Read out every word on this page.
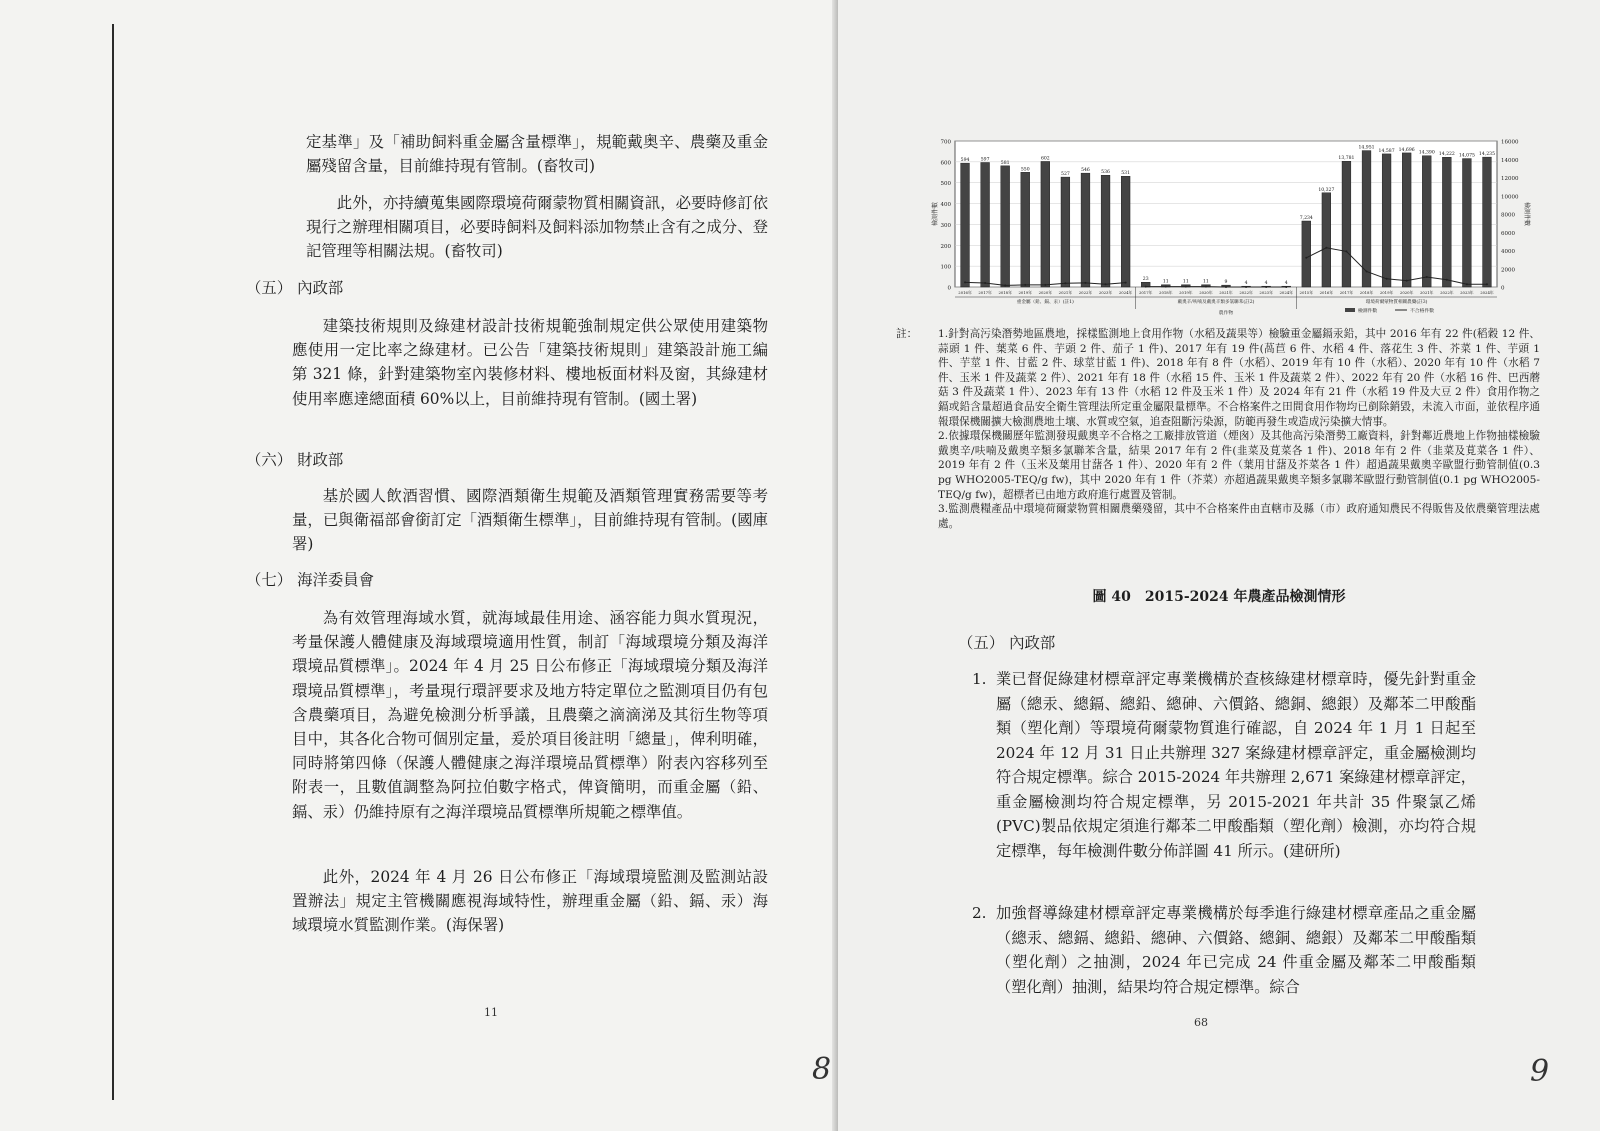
定基準」及「補助飼料重金屬含量標準」，規範戴奥辛、農藥及重金屬殘留含量，目前維持現有管制。(畜牧司)

此外，亦持續蒐集國際環境荷爾蒙物質相關資訊，必要時修訂依現行之辦理相關項目，必要時飼料及飼料添加物禁止含有之成分、登記管理等相關法規。(畜牧司)

（五） 內政部

建築技術規則及綠建材設計技術規範強制規定供公眾使用建築物應使用一定比率之綠建材。已公告「建築技術規則」建築設計施工編第 321 條，針對建築物室內裝修材料、樓地板面材料及窗，其綠建材使用率應達總面積 60%以上，目前維持現有管制。(國土署)

（六） 財政部

基於國人飲酒習慣、國際酒類衛生規範及酒類管理實務需要等考量，已與衛福部會銜訂定「酒類衛生標準」，目前維持現有管制。(國庫署)

（七） 海洋委員會

為有效管理海域水質，就海域最佳用途、涵容能力與水質現況，考量保護人體健康及海域環境適用性質，制訂「海域環境分類及海洋環境品質標準」。2024 年 4 月 25 日公布修正「海域環境分類及海洋環境品質標準」，考量現行環評要求及地方特定單位之監測項目仍有包含農藥項目，為避免檢測分析爭議，且農藥之滴滴涕及其衍生物等項目中，其各化合物可個別定量，爰於項目後註明「總量」，俾利明確，同時將第四條（保護人體健康之海洋環境品質標準）附表內容移列至附表一，且數值調整為阿拉伯數字格式，俾資簡明，而重金屬（鉛、鎘、汞）仍維持原有之海洋環境品質標準所規範之標準值。

此外，2024 年 4 月 26 日公布修正「海域環境監測及監測站設置辦法」規定主管機關應視海域特性，辦理重金屬（鉛、鎘、汞）海域環境水質監測作業。(海保署)

11
8
700
600
500
400
300
200
100
0
16000
14000
12000
10000
8000
6000
4000
2000
0
檢測件數	檢測件數
594
2016年
597
2017年
581
2018年
550
2019年
602
2020年
527
2021年
546
2022年
536
2023年
531
2024年
重金屬（鉛、鎘、汞）(註1)
23
2017年
11
2018年
11
2019年
11
2020年
9
2021年
4
2022年
4
2023年
4
2024年
戴奧辛/呋喃及戴奧辛類多氯聯苯(註2)
7,234
2015年
10,327
2016年
13,781
2017年
14,951
2018年
14,587
2019年
14,696
2020年
14,390
2021年
14,222
2022年
14,075
2023年
14,235
2024年
環境荷爾蒙物質相關農藥(註3)
農作物	檢測件數	不合格件數
註：	1.針對高污染潛勢地區農地，採樣監測地上食用作物（水稻及蔬果等）檢驗重金屬鎘汞鉛，其中 2016 年有 22 件(稻穀 12 件、蒜頭 1 件、葉菜 6 件、芋頭 2 件、茄子 1 件)、2017 年有 19 件(萵苣 6 件、水稻 4 件、落花生 3 件、芥菜 1 件、芋頭 1 件、芋莖 1 件、甘藍 2 件、球莖甘藍 1 件)、2018 年有 8 件（水稻）、2019 年有 10 件（水稻）、2020 年有 10 件（水稻 7 件、玉米 1 件及蔬菜 2 件）、2021 年有 18 件（水稻 15 件、玉米 1 件及蔬菜 2 件）、2022 年有 20 件（水稻 16 件、巴西蘑菇 3 件及蔬菜 1 件）、2023 年有 13 件（水稻 12 件及玉米 1 件）及 2024 年有 21 件（水稻 19 件及大豆 2 件）食用作物之鎘或鉛含量超過食品安全衛生管理法所定重金屬限量標準。不合格案件之田間食用作物均已剷除銷毀，未流入市面，並依程序通報環保機關擴大檢測農地土壤、水質或空氣，追查阻斷污染源，防範再發生或造成污染擴大情事。

2.依據環保機關歷年監測發現戴奧辛不合格之工廠排放管道（煙囪）及其他高污染潛勢工廠資料，針對鄰近農地上作物抽樣檢驗戴奧辛/呋喃及戴奧辛類多氯聯苯含量，結果 2017 年有 2 件(韭菜及莧菜各 1 件)、2018 年有 2 件（韭菜及莧菜各 1 件）、2019 年有 2 件（玉米及葉用甘藷各 1 件）、2020 年有 2 件（葉用甘藷及芥菜各 1 件）超過蔬果戴奧辛歐盟行動管制值(0.3 pg WHO2005-TEQ/g fw)，其中 2020 年有 1 件（芥菜）亦超過蔬果戴奧辛類多氯聯苯歐盟行動管制值(0.1 pg WHO2005-TEQ/g fw)，超標者已由地方政府進行處置及管制。

3.監測農糧產品中環境荷爾蒙物質相關農藥殘留，其中不合格案件由直轄市及縣（市）政府通知農民不得販售及依農藥管理法處處。

圖 40　2015-2024 年農產品檢測情形

（五） 內政部

1. 業已督促綠建材標章評定專業機構於查核綠建材標章時，優先針對重金屬（總汞、總鎘、總鉛、總砷、六價鉻、總銅、總銀）及鄰苯二甲酸酯類（塑化劑）等環境荷爾蒙物質進行確認，自 2024 年 1 月 1 日起至 2024 年 12 月 31 日止共辦理 327 案綠建材標章評定，重金屬檢測均符合規定標準。綜合 2015-2024 年共辦理 2,671 案綠建材標章評定，重金屬檢測均符合規定標準，另 2015-2021 年共計 35 件聚氯乙烯(PVC)製品依規定須進行鄰苯二甲酸酯類（塑化劑）檢測，亦均符合規定標準，每年檢測件數分佈詳圖 41 所示。(建研所)
2. 加強督導綠建材標章評定專業機構於每季進行綠建材標章產品之重金屬（總汞、總鎘、總鉛、總砷、六價鉻、總銅、總銀）及鄰苯二甲酸酯類（塑化劑）之抽測，2024 年已完成 24 件重金屬及鄰苯二甲酸酯類（塑化劑）抽測，結果均符合規定標準。綜合
68
9
